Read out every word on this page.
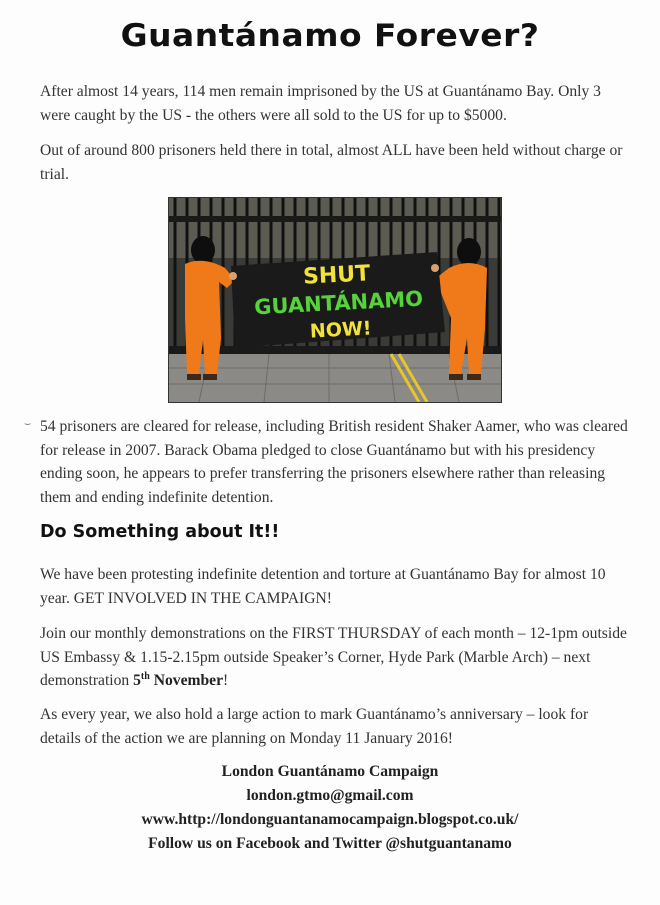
Guantánamo Forever?
After almost 14 years, 114 men remain imprisoned by the US at Guantánamo Bay. Only 3 were caught by the US - the others were all sold to the US for up to $5000.
Out of around 800 prisoners held there in total, almost ALL have been held without charge or trial.
SHUT
GUANTÁNAMO
NOW!
⌣ 54 prisoners are cleared for release, including British resident Shaker Aamer, who was cleared for release in 2007. Barack Obama pledged to close Guantánamo but with his presidency ending soon, he appears to prefer transferring the prisoners elsewhere rather than releasing them and ending indefinite detention.
Do Something about It!!
We have been protesting indefinite detention and torture at Guantánamo Bay for almost 10 year. GET INVOLVED IN THE CAMPAIGN!
Join our monthly demonstrations on the FIRST THURSDAY of each month – 12-1pm outside US Embassy & 1.15-2.15pm outside Speaker’s Corner, Hyde Park (Marble Arch) – next demonstration 5th November!
As every year, we also hold a large action to mark Guantánamo’s anniversary – look for details of the action we are planning on Monday 11 January 2016!
London Guantánamo Campaign
london.gtmo@gmail.com
www.http://londonguantanamocampaign.blogspot.co.uk/
Follow us on Facebook and Twitter @shutguantanamo
